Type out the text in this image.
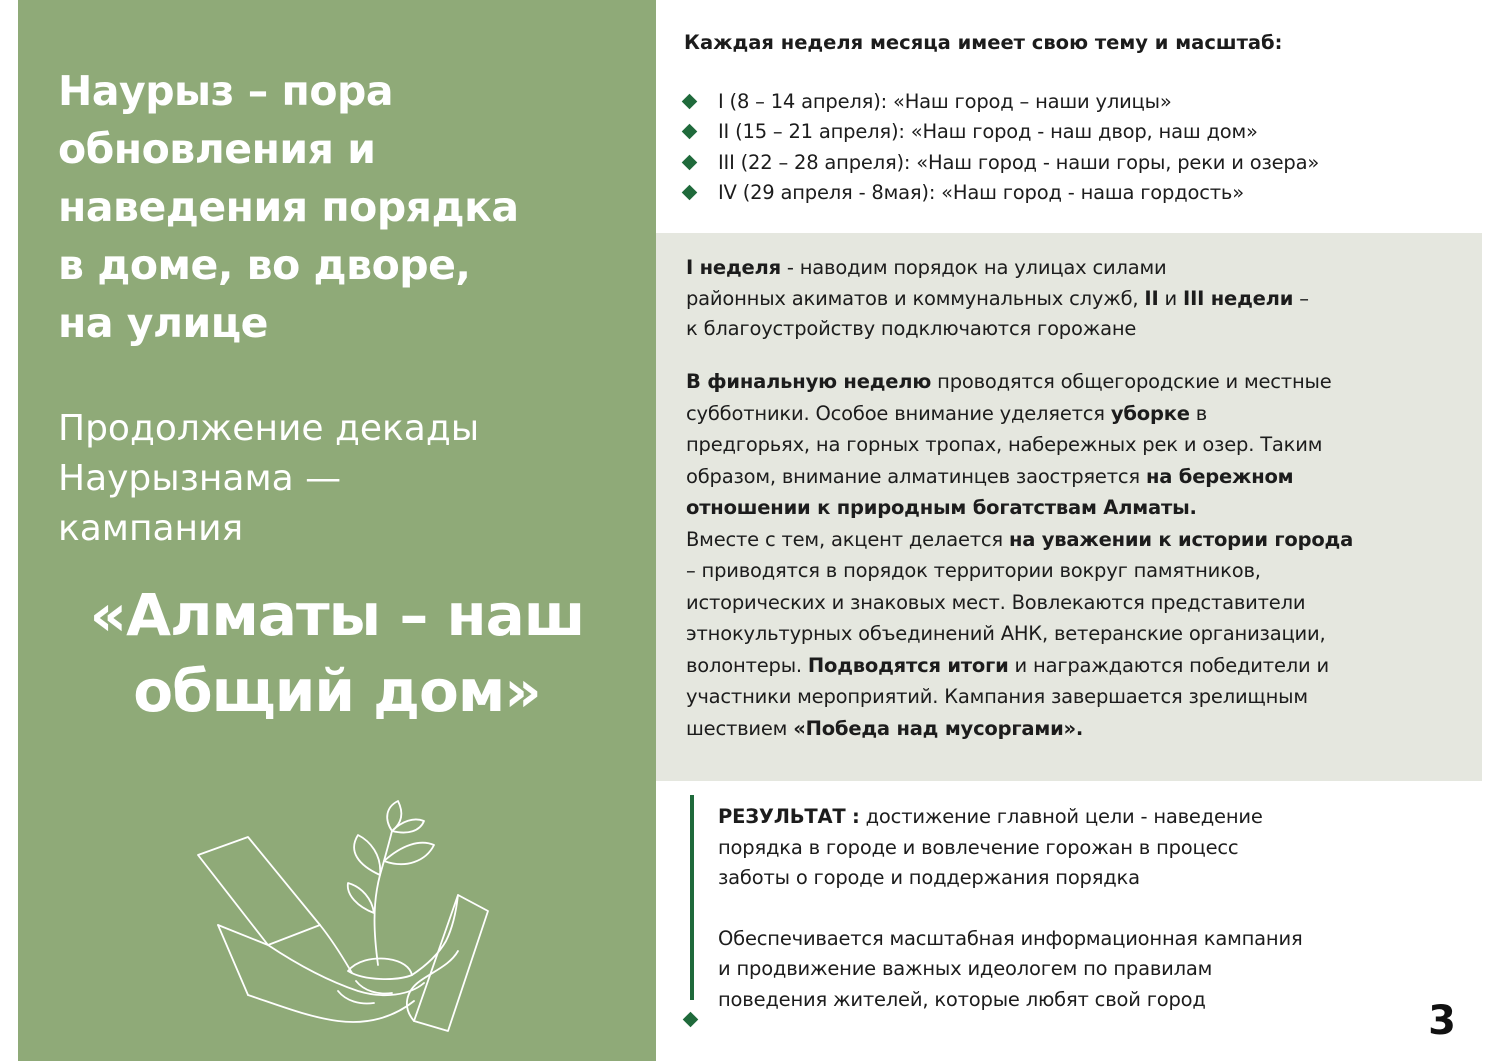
Наурыз – пора
обновления и
наведения порядка
в доме, во дворе,
на улице
Продолжение декады
Наурызнама —
кампания
«Алматы – наш
общий дом»
Каждая неделя месяца имеет свою тему и масштаб:
I (8 – 14 апреля): «Наш город – наши улицы»
II (15 – 21 апреля): «Наш город - наш двор, наш дом»
III (22 – 28 апреля): «Наш город - наши горы, реки и озера»
IV (29 апреля - 8мая): «Наш город - наша гордость»
I неделя - наводим порядок на улицах силами
районных акиматов и коммунальных служб, II и III недели –
к благоустройству подключаются горожане
В финальную неделю проводятся общегородские и местные
субботники. Особое внимание уделяется уборке в
предгорьях, на горных тропах, набережных рек и озер. Таким
образом, внимание алматинцев заостряется на бережном
отношении к природным богатствам Алматы.
Вместе с тем, акцент делается на уважении к истории города
– приводятся в порядок территории вокруг памятников,
исторических и знаковых мест. Вовлекаются представители
этнокультурных объединений АНК, ветеранские организации,
волонтеры. Подводятся итоги и награждаются победители и
участники мероприятий. Кампания завершается зрелищным
шествием «Победа над мусоргами».
РЕЗУЛЬТАТ : достижение главной цели - наведение
порядка в городе и вовлечение горожан в процесс
заботы о городе и поддержания порядка
Обеспечивается масштабная информационная кампания
и продвижение важных идеологем по правилам
поведения жителей, которые любят свой город	3
